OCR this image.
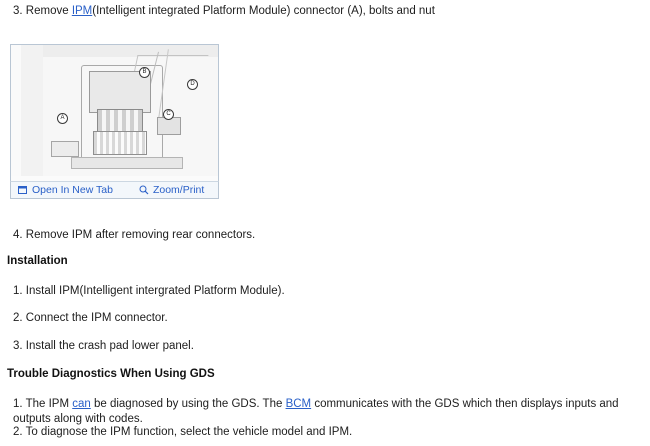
3. Remove IPM(Intelligent integrated Platform Module) connector (A), bolts and nut
A
B
C
D
Open In New Tab	Zoom/Print
4. Remove IPM after removing rear connectors.
Installation
1. Install IPM(Intelligent intergrated Platform Module).
2. Connect the IPM connector.
3. Install the crash pad lower panel.
Trouble Diagnostics When Using GDS
1. The IPM can be diagnosed by using the GDS. The BCM communicates with the GDS which then displays inputs and outputs along with codes.
2. To diagnose the IPM function, select the vehicle model and IPM.
